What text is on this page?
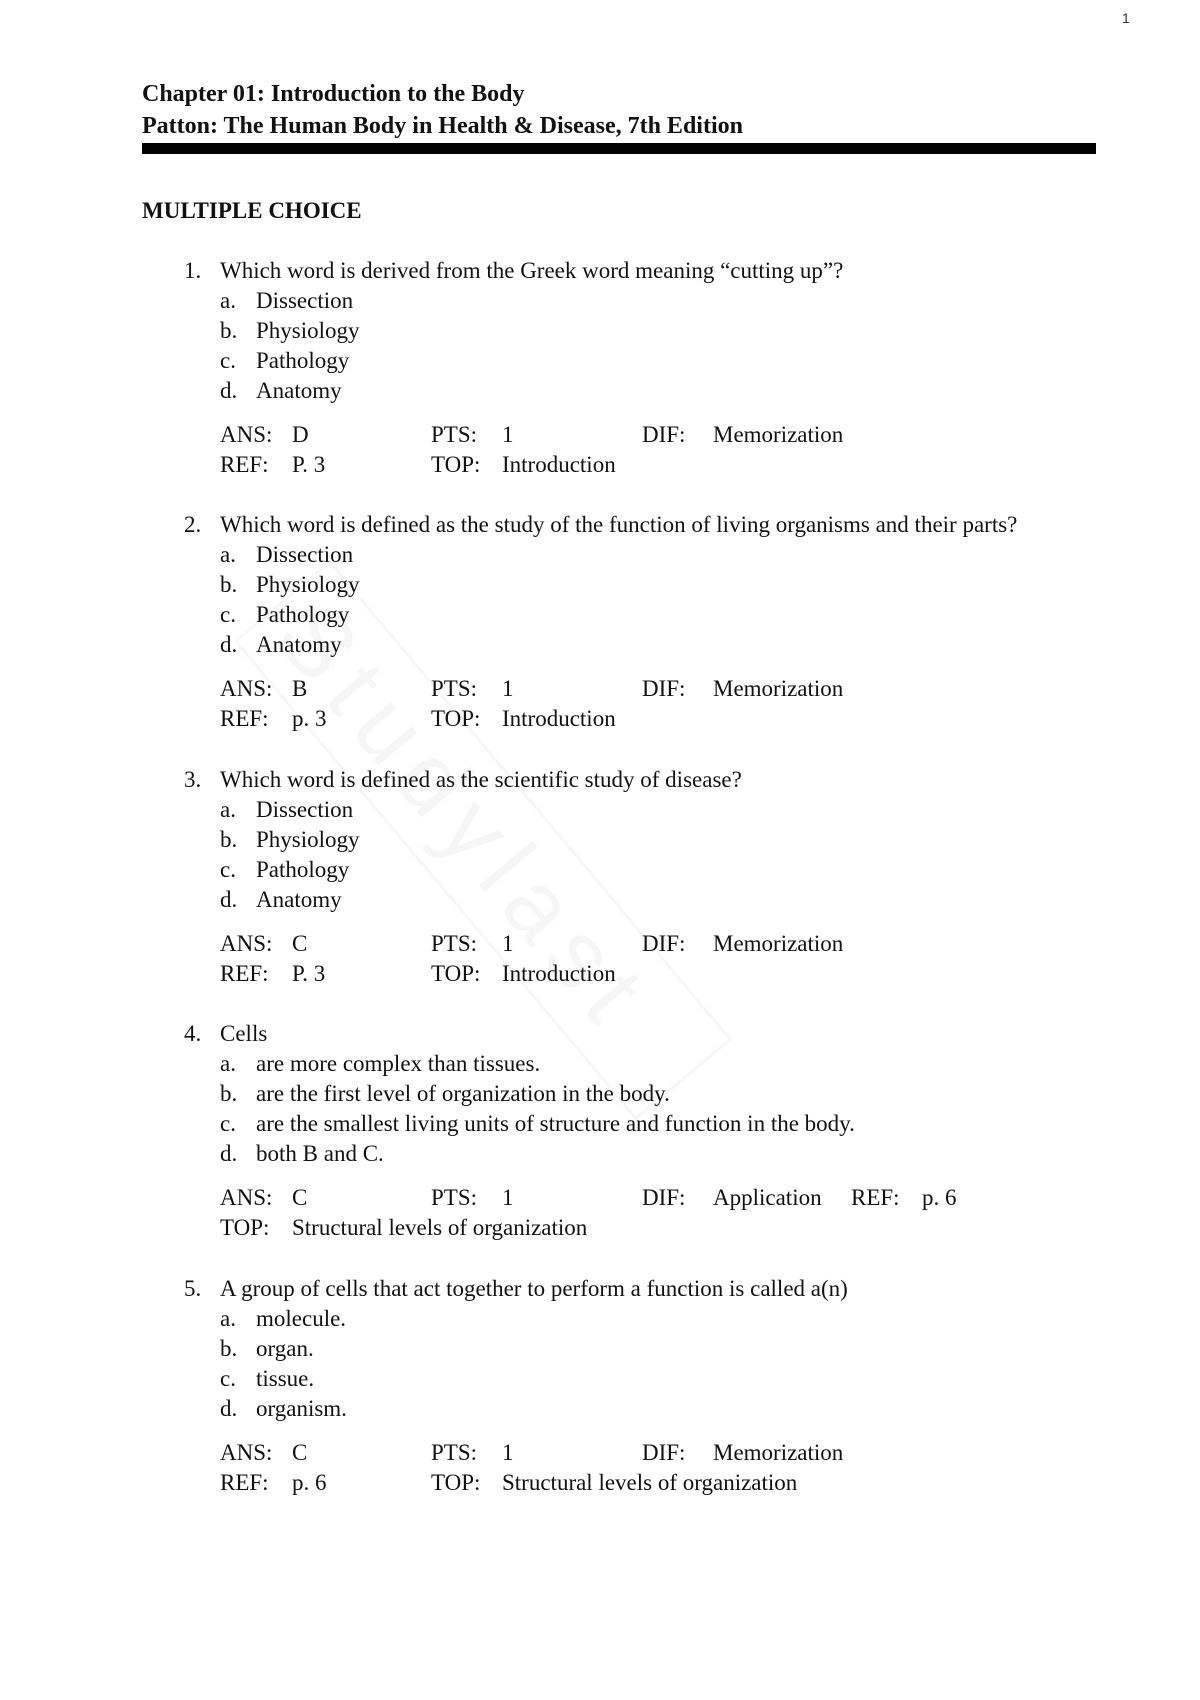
1
Chapter 01: Introduction to the Body
Patton: The Human Body in Health & Disease, 7th Edition
MULTIPLE CHOICE
1. Which word is derived from the Greek word meaning “cutting up”?
a. Dissection
b. Physiology
c. Pathology
d. Anatomy
ANS: D	PTS: 1	DIF: Memorization
REF: P. 3	TOP: Introduction
2. Which word is defined as the study of the function of living organisms and their parts?
a. Dissection
b. Physiology
c. Pathology
d. Anatomy
ANS: B	PTS: 1	DIF: Memorization
REF: p. 3	TOP: Introduction
3. Which word is defined as the scientific study of disease?
a. Dissection
b. Physiology
c. Pathology
d. Anatomy
ANS: C	PTS: 1	DIF: Memorization
REF: P. 3	TOP: Introduction
4. Cells
a. are more complex than tissues.
b. are the first level of organization in the body.
c. are the smallest living units of structure and function in the body.
d. both B and C.
ANS: C	PTS: 1	DIF: Application REF: p. 6
TOP: Structural levels of organization
5. A group of cells that act together to perform a function is called a(n)
a. molecule.
b. organ.
c. tissue.
d. organism.
ANS: C	PTS: 1	DIF: Memorization
REF: p. 6	TOP: Structural levels of organization
